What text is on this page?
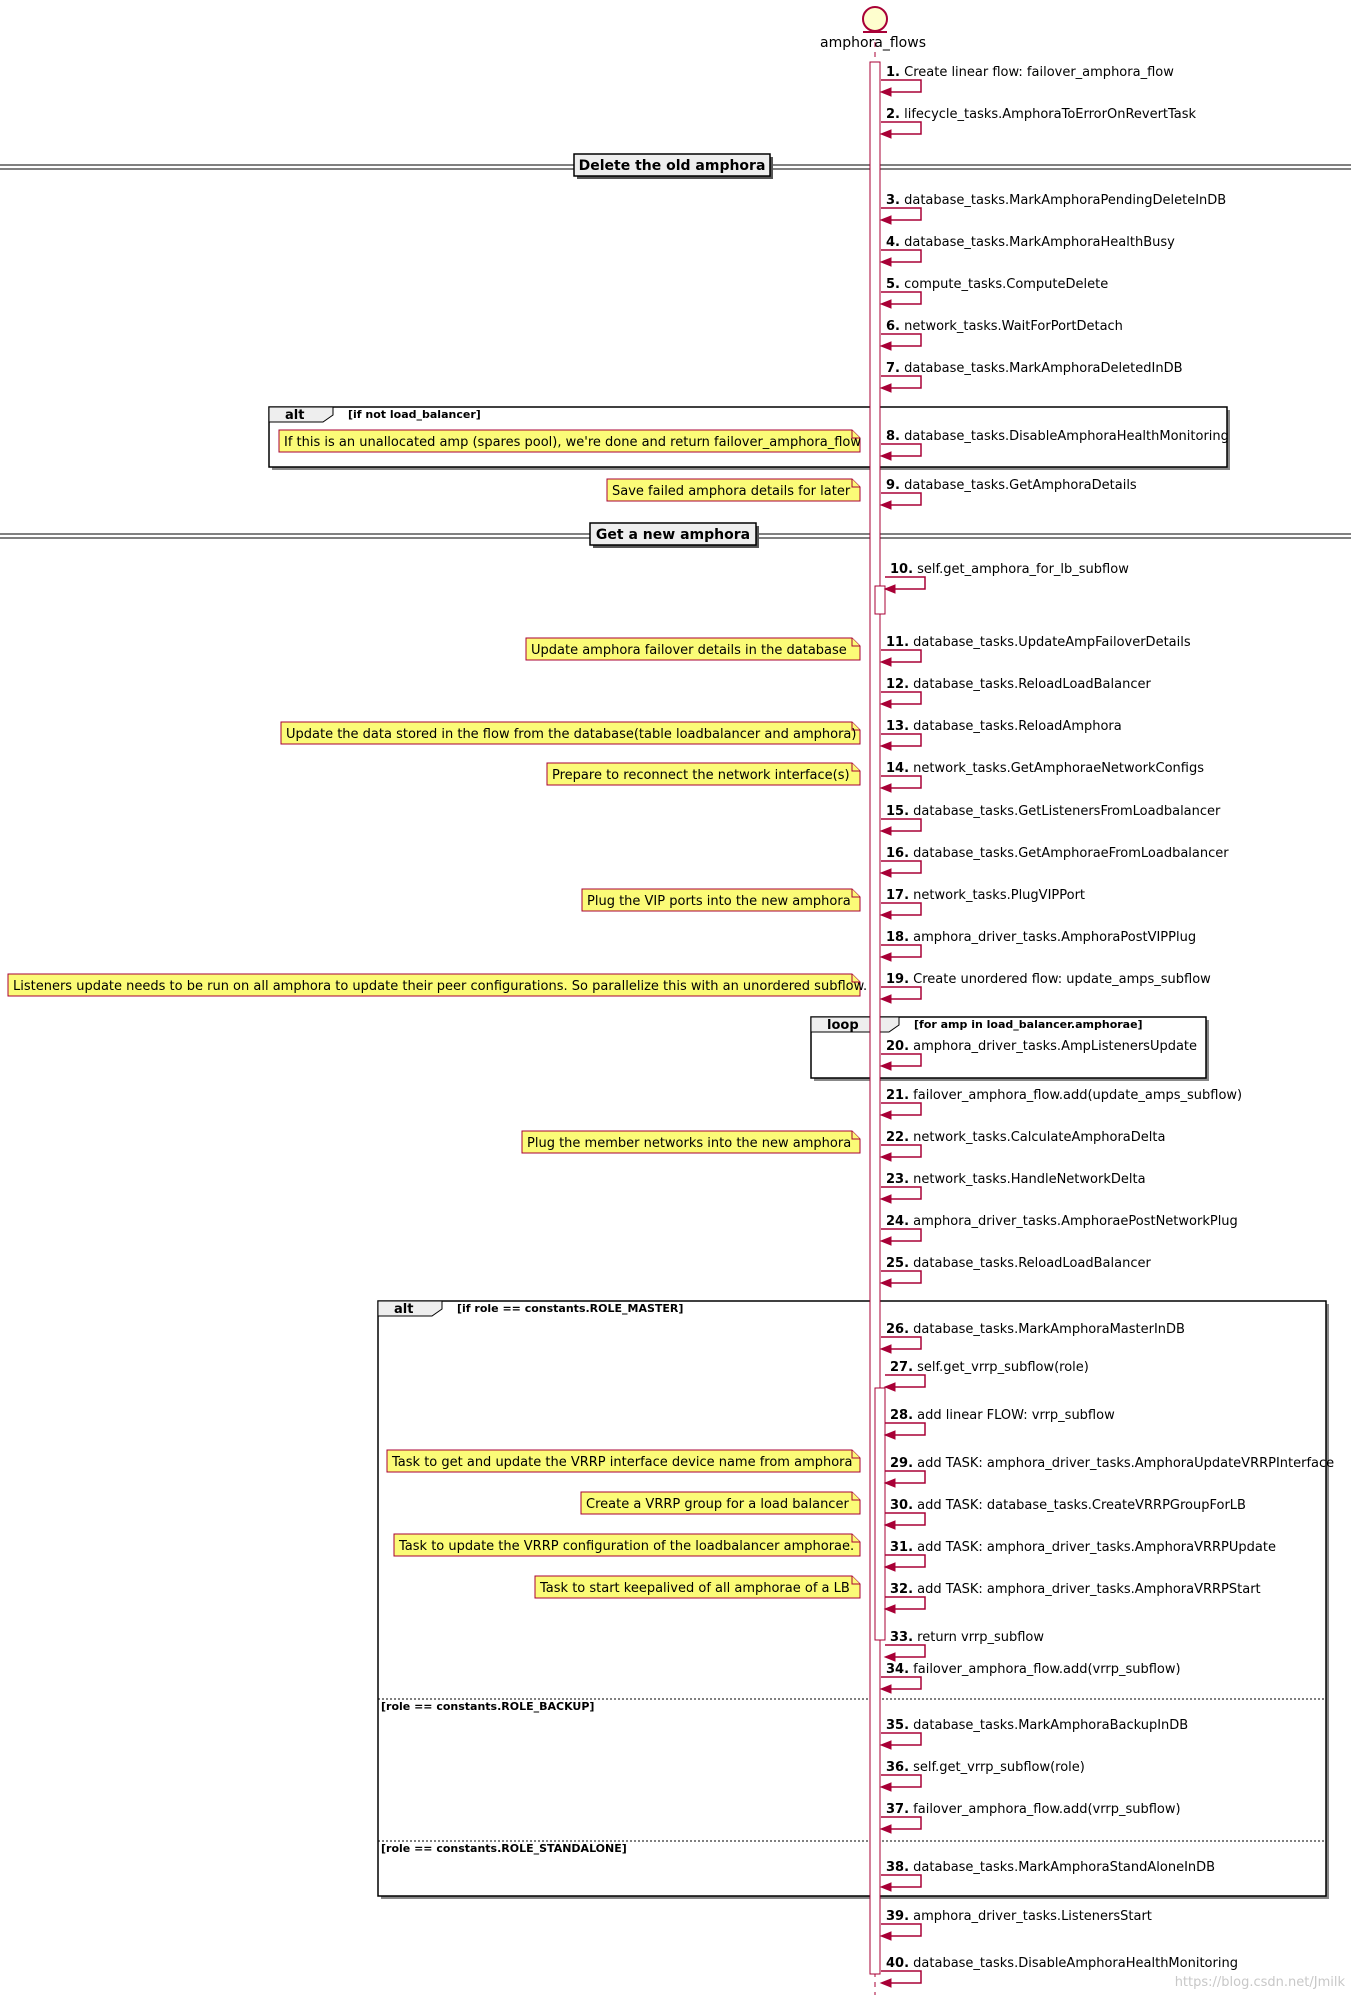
alt	[if not load_balancer]
loop	[for amp in load_balancer.amphorae]
alt	[if role == constants.ROLE_MASTER]
[role == constants.ROLE_BACKUP]
[role == constants.ROLE_STANDALONE]
Delete the old amphora
Get a new amphora
amphora_flows
If this is an unallocated amp (spares pool), we're done and return failover_amphora_flow
Save failed amphora details for later
Update amphora failover details in the database
Update the data stored in the flow from the database(table loadbalancer and amphora)
Prepare to reconnect the network interface(s)
Plug the VIP ports into the new amphora
Listeners update needs to be run on all amphora to update their peer configurations. So parallelize this with an unordered subflow.
Plug the member networks into the new amphora
Task to get and update the VRRP interface device name from amphora
Create a VRRP group for a load balancer
Task to update the VRRP configuration of the loadbalancer amphorae.
Task to start keepalived of all amphorae of a LB
1. Create linear flow: failover_amphora_flow
2. lifecycle_tasks.AmphoraToErrorOnRevertTask
3. database_tasks.MarkAmphoraPendingDeleteInDB
4. database_tasks.MarkAmphoraHealthBusy
5. compute_tasks.ComputeDelete
6. network_tasks.WaitForPortDetach
7. database_tasks.MarkAmphoraDeletedInDB
8. database_tasks.DisableAmphoraHealthMonitoring
9. database_tasks.GetAmphoraDetails
10. self.get_amphora_for_lb_subflow
11. database_tasks.UpdateAmpFailoverDetails
12. database_tasks.ReloadLoadBalancer
13. database_tasks.ReloadAmphora
14. network_tasks.GetAmphoraeNetworkConfigs
15. database_tasks.GetListenersFromLoadbalancer
16. database_tasks.GetAmphoraeFromLoadbalancer
17. network_tasks.PlugVIPPort
18. amphora_driver_tasks.AmphoraPostVIPPlug
19. Create unordered flow: update_amps_subflow
20. amphora_driver_tasks.AmpListenersUpdate
21. failover_amphora_flow.add(update_amps_subflow)
22. network_tasks.CalculateAmphoraDelta
23. network_tasks.HandleNetworkDelta
24. amphora_driver_tasks.AmphoraePostNetworkPlug
25. database_tasks.ReloadLoadBalancer
26. database_tasks.MarkAmphoraMasterInDB
27. self.get_vrrp_subflow(role)
28. add linear FLOW: vrrp_subflow
29. add TASK: amphora_driver_tasks.AmphoraUpdateVRRPInterface
30. add TASK: database_tasks.CreateVRRPGroupForLB
31. add TASK: amphora_driver_tasks.AmphoraVRRPUpdate
32. add TASK: amphora_driver_tasks.AmphoraVRRPStart
33. return vrrp_subflow
34. failover_amphora_flow.add(vrrp_subflow)
35. database_tasks.MarkAmphoraBackupInDB
36. self.get_vrrp_subflow(role)
37. failover_amphora_flow.add(vrrp_subflow)
38. database_tasks.MarkAmphoraStandAloneInDB
39. amphora_driver_tasks.ListenersStart
40. database_tasks.DisableAmphoraHealthMonitoring
https://blog.csdn.net/Jmilk
